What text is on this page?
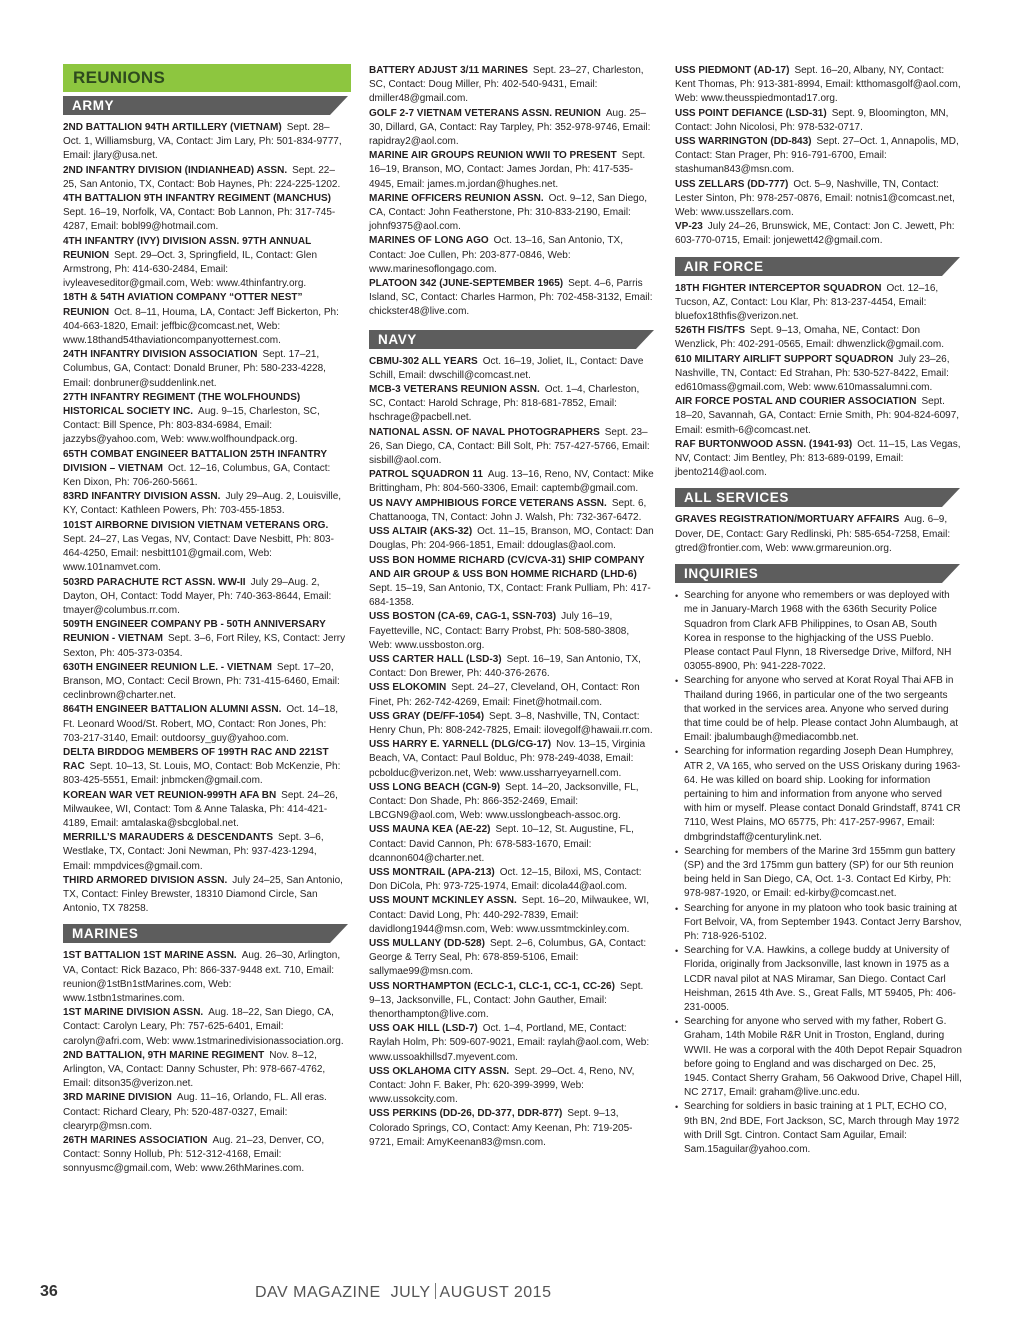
REUNIONS
ARMY

2ND BATTALION 94TH ARTILLERY (VIETNAM)  Sept. 28–Oct. 1, Williamsburg, VA, Contact: Jim Lary, Ph: 501-834-9777, Email: jlary@usa.net.

2ND INFANTRY DIVISION (INDIANHEAD) ASSN.  Sept. 22–25, San Antonio, TX, Contact: Bob Haynes, Ph: 224-225-1202.

4TH BATTALION 9TH INFANTRY REGIMENT (MANCHUS) Sept. 16–19, Norfolk, VA, Contact: Bob Lannon, Ph: 317-745-4287, Email: bobl99@hotmail.com.

4TH INFANTRY (IVY) DIVISION ASSN. 97TH ANNUAL REUNION  Sept. 29–Oct. 3, Springfield, IL, Contact: Glen Armstrong, Ph: 414-630-2484, Email: ivyleaveseditor@gmail.com, Web: www.4thinfantry.org.

18TH & 54TH AVIATION COMPANY “OTTER NEST” REUNION  Oct. 8–11, Houma, LA, Contact: Jeff Bickerton, Ph: 404-663-1820, Email: jeffbic@comcast.net, Web: www.18thand54thaviationcompanyotternest.com.

24TH INFANTRY DIVISION ASSOCIATION  Sept. 17–21, Columbus, GA, Contact: Donald Bruner, Ph: 580-233-4228, Email: donbruner@suddenlink.net.

27TH INFANTRY REGIMENT (THE WOLFHOUNDS) HISTORICAL SOCIETY INC.  Aug. 9–15, Charleston, SC, Contact: Bill Spence, Ph: 803-834-6984, Email: jazzybs@yahoo.com, Web: www.wolfhoundpack.org.

65TH COMBAT ENGINEER BATTALION 25TH INFANTRY DIVISION – VIETNAM  Oct. 12–16, Columbus, GA, Contact: Ken Dixon, Ph: 706-260-5661.

83RD INFANTRY DIVISION ASSN.  July 29–Aug. 2, Louisville, KY, Contact: Kathleen Powers, Ph: 703-455-1853.

101ST AIRBORNE DIVISION VIETNAM VETERANS ORG. Sept. 24–27, Las Vegas, NV, Contact: Dave Nesbitt, Ph: 803-464-4250, Email: nesbitt101@gmail.com, Web: www.101namvet.com.

503RD PARACHUTE RCT ASSN. WW-II  July 29–Aug. 2, Dayton, OH, Contact: Todd Mayer, Ph: 740-363-8644, Email: tmayer@columbus.rr.com.

509TH ENGINEER COMPANY PB - 50TH ANNIVERSARY REUNION - VIETNAM  Sept. 3–6, Fort Riley, KS, Contact: Jerry Sexton, Ph: 405-373-0354.

630TH ENGINEER REUNION L.E. - VIETNAM  Sept. 17–20, Branson, MO, Contact: Cecil Brown, Ph: 731-415-6460, Email: ceclinbrown@charter.net.

864TH ENGINEER BATTALION ALUMNI ASSN.  Oct. 14–18, Ft. Leonard Wood/St. Robert, MO, Contact: Ron Jones, Ph: 703-217-3140, Email: outdoorsy_guy@yahoo.com.

DELTA BIRDDOG MEMBERS OF 199TH RAC AND 221ST RAC  Sept. 10–13, St. Louis, MO, Contact: Bob McKenzie, Ph: 803-425-5551, Email: jnbmcken@gmail.com.

KOREAN WAR VET REUNION-999TH AFA BN  Sept. 24–26, Milwaukee, WI, Contact: Tom & Anne Talaska, Ph: 414-421-4189, Email: amtalaska@sbcglobal.net.

MERRILL’S MARAUDERS & DESCENDANTS  Sept. 3–6, Westlake, TX, Contact: Joni Newman, Ph: 937-423-1294, Email: mmpdvices@gmail.com.

THIRD ARMORED DIVISION ASSN.  July 24–25, San Antonio, TX, Contact: Finley Brewster, 18310 Diamond Circle, San Antonio, TX 78258.

MARINES

1ST BATTALION 1ST MARINE ASSN.  Aug. 26–30, Arlington, VA, Contact: Rick Bazaco, Ph: 866-337-9448 ext. 710, Email: reunion@1stBn1stMarines.com, Web: www.1stbn1stmarines.com.

1ST MARINE DIVISION ASSN.  Aug. 18–22, San Diego, CA, Contact: Carolyn Leary, Ph: 757-625-6401, Email: carolyn@afri.com, Web: www.1stmarinedivisionassociation.org.

2ND BATTALION, 9TH MARINE REGIMENT  Nov. 8–12, Arlington, VA, Contact: Danny Schuster, Ph: 978-667-4762, Email: ditson35@verizon.net.

3RD MARINE DIVISION  Aug. 11–16, Orlando, FL. All eras. Contact: Richard Cleary, Ph: 520-487-0327, Email: clearyrp@msn.com.

26TH MARINES ASSOCIATION  Aug. 21–23, Denver, CO, Contact: Sonny Hollub, Ph: 512-312-4168, Email: sonnyusmc@gmail.com, Web: www.26thMarines.com.

BATTERY ADJUST 3/11 MARINES  Sept. 23–27, Charleston, SC, Contact: Doug Miller, Ph: 402-540-9431, Email: dmiller48@gmail.com.

GOLF 2-7 VIETNAM VETERANS ASSN. REUNION  Aug. 25–30, Dillard, GA, Contact: Ray Tarpley, Ph: 352-978-9746, Email: rapidray2@aol.com.

MARINE AIR GROUPS REUNION WWII TO PRESENT  Sept. 16–19, Branson, MO, Contact: James Jordan, Ph: 417-535-4945, Email: james.m.jordan@hughes.net.

MARINE OFFICERS REUNION ASSN.  Oct. 9–12, San Diego, CA, Contact: John Featherstone, Ph: 310-833-2190, Email: johnf9375@aol.com.

MARINES OF LONG AGO  Oct. 13–16, San Antonio, TX, Contact: Joe Cullen, Ph: 203-877-0846, Web: www.marinesoflongago.com.

PLATOON 342 (JUNE-SEPTEMBER 1965)  Sept. 4–6, Parris Island, SC, Contact: Charles Harmon, Ph: 702-458-3132, Email: chickster48@live.com.

NAVY

CBMU-302 ALL YEARS  Oct. 16–19, Joliet, IL, Contact: Dave Schill, Email: dwschill@comcast.net.

MCB-3 VETERANS REUNION ASSN.  Oct. 1–4, Charleston, SC, Contact: Harold Schrage, Ph: 818-681-7852, Email: hschrage@pacbell.net.

NATIONAL ASSN. OF NAVAL PHOTOGRAPHERS  Sept. 23–26, San Diego, CA, Contact: Bill Solt, Ph: 757-427-5766, Email: sisbill@aol.com.

PATROL SQUADRON 11  Aug. 13–16, Reno, NV, Contact: Mike Brittingham, Ph: 804-560-3306, Email: captemb@gmail.com.

US NAVY AMPHIBIOUS FORCE VETERANS ASSN.  Sept. 6, Chattanooga, TN, Contact: John J. Walsh, Ph: 732-367-6472.

USS ALTAIR (AKS-32)  Oct. 11–15, Branson, MO, Contact: Dan Douglas, Ph: 204-966-1851, Email: ddouglas@aol.com.

USS BON HOMME RICHARD (CV/CVA-31) SHIP COMPANY AND AIR GROUP & USS BON HOMME RICHARD (LHD-6) Sept. 15–19, San Antonio, TX, Contact: Frank Pulliam, Ph: 417-684-1358.

USS BOSTON (CA-69, CAG-1, SSN-703)  July 16–19, Fayetteville, NC, Contact: Barry Probst, Ph: 508-580-3808, Web: www.ussboston.org.

USS CARTER HALL (LSD-3)  Sept. 16–19, San Antonio, TX, Contact: Don Brewer, Ph: 440-376-2676.

USS ELOKOMIN  Sept. 24–27, Cleveland, OH, Contact: Ron Finet, Ph: 262-742-4269, Email: Finet@hotmail.com.

USS GRAY (DE/FF-1054)  Sept. 3–8, Nashville, TN, Contact: Henry Chun, Ph: 808-242-7825, Email: ilovegolf@hawaii.rr.com.

USS HARRY E. YARNELL (DLG/CG-17)  Nov. 13–15, Virginia Beach, VA, Contact: Paul Bolduc, Ph: 978-249-4038, Email: pcbolduc@verizon.net, Web: www.ussharryeyarnell.com.

USS LONG BEACH (CGN-9)  Sept. 14–20, Jacksonville, FL, Contact: Don Shade, Ph: 866-352-2469, Email: LBCGN9@aol.com, Web: www.usslongbeach-assoc.org.

USS MAUNA KEA (AE-22)  Sept. 10–12, St. Augustine, FL, Contact: David Cannon, Ph: 678-583-1670, Email: dcannon604@charter.net.

USS MONTRAIL (APA-213)  Oct. 12–15, Biloxi, MS, Contact: Don DiCola, Ph: 973-725-1974, Email: dicola44@aol.com.

USS MOUNT MCKINLEY ASSN.  Sept. 16–20, Milwaukee, WI, Contact: David Long, Ph: 440-292-7839, Email: davidlong1944@msn.com, Web: www.ussmtmckinley.com.

USS MULLANY (DD-528)  Sept. 2–6, Columbus, GA, Contact: George & Terry Seal, Ph: 678-859-5106, Email: sallymae99@msn.com.

USS NORTHAMPTON (ECLC-1, CLC-1, CC-1, CC-26)  Sept. 9–13, Jacksonville, FL, Contact: John Gauther, Email: thenorthampton@live.com.

USS OAK HILL (LSD-7)  Oct. 1–4, Portland, ME, Contact: Raylah Holm, Ph: 509-607-9021, Email: raylah@aol.com, Web: www.ussoakhillsd7.myevent.com.

USS OKLAHOMA CITY ASSN.  Sept. 29–Oct. 4, Reno, NV, Contact: John F. Baker, Ph: 620-399-3999, Web: www.ussokcity.com.

USS PERKINS (DD-26, DD-377, DDR-877)  Sept. 9–13, Colorado Springs, CO, Contact: Amy Keenan, Ph: 719-205-9721, Email: AmyKeenan83@msn.com.

USS PIEDMONT (AD-17)  Sept. 16–20, Albany, NY, Contact: Kent Thomas, Ph: 913-381-8994, Email: ktthomasgolf@aol.com, Web: www.theusspiedmontad17.org.

USS POINT DEFIANCE (LSD-31)  Sept. 9, Bloomington, MN, Contact: John Nicolosi, Ph: 978-532-0717.

USS WARRINGTON (DD-843)  Sept. 27–Oct. 1, Annapolis, MD, Contact: Stan Prager, Ph: 916-791-6700, Email: stashuman843@msn.com.

USS ZELLARS (DD-777)  Oct. 5–9, Nashville, TN, Contact: Lester Sinton, Ph: 978-257-0876, Email: notnis1@comcast.net, Web: www.usszellars.com.

VP-23  July 24–26, Brunswick, ME, Contact: Jon C. Jewett, Ph: 603-770-0715, Email: jonjewett42@gmail.com.

AIR FORCE

18TH FIGHTER INTERCEPTOR SQUADRON  Oct. 12–16, Tucson, AZ, Contact: Lou Klar, Ph: 813-237-4454, Email: bluefox18thfis@verizon.net.

526TH FIS/TFS  Sept. 9–13, Omaha, NE, Contact: Don Wenzlick, Ph: 402-291-0565, Email: dhwenzlick@gmail.com.

610 MILITARY AIRLIFT SUPPORT SQUADRON  July 23–26, Nashville, TN, Contact: Ed Strahan, Ph: 530-527-8422, Email: ed610mass@gmail.com, Web: www.610massalumni.com.

AIR FORCE POSTAL AND COURIER ASSOCIATION  Sept. 18–20, Savannah, GA, Contact: Ernie Smith, Ph: 904-824-6097, Email: esmith-6@comcast.net.

RAF BURTONWOOD ASSN. (1941-93)  Oct. 11–15, Las Vegas, NV, Contact: Jim Bentley, Ph: 813-689-0199, Email: jbento214@aol.com.

ALL SERVICES

GRAVES REGISTRATION/MORTUARY AFFAIRS  Aug. 6–9, Dover, DE, Contact: Gary Redlinski, Ph: 585-654-7258, Email: gtred@frontier.com, Web: www.grmareunion.org.

INQUIRIES
• Searching for anyone who remembers or was deployed with me in January-March 1968 with the 636th Security Police Squadron from Clark AFB Philippines, to Osan AB, South Korea in response to the highjacking of the USS Pueblo. Please contact Paul Flynn, 18 Riversedge Drive, Milford, NH 03055-8900, Ph: 941-228-7022.
• Searching for anyone who served at Korat Royal Thai AFB in Thailand during 1966, in particular one of the two sergeants that worked in the services area. Anyone who served during that time could be of help. Please contact John Alumbaugh, at Email: jbalumbaugh@mediacombb.net.
• Searching for information regarding Joseph Dean Humphrey, ATR 2, VA 165, who served on the USS Oriskany during 1963-64. He was killed on board ship. Looking for information pertaining to him and information from anyone who served with him or myself. Please contact Donald Grindstaff, 8741 CR 7110, West Plains, MO 65775, Ph: 417-257-9967, Email: dmbgrindstaff@centurylink.net.
• Searching for members of the Marine 3rd 155mm gun battery (SP) and the 3rd 175mm gun battery (SP) for our 5th reunion being held in San Diego, CA, Oct. 1-3. Contact Ed Kirby, Ph: 978-987-1920, or Email: ed-kirby@comcast.net.
• Searching for anyone in my platoon who took basic training at Fort Belvoir, VA, from September 1943. Contact Jerry Barshov, Ph: 718-926-5102.
• Searching for V.A. Hawkins, a college buddy at University of Florida, originally from Jacksonville, last known in 1975 as a LCDR naval pilot at NAS Miramar, San Diego. Contact Carl Heishman, 2615 4th Ave. S., Great Falls, MT 59405, Ph: 406-231-0005.
• Searching for anyone who served with my father, Robert G. Graham, 14th Mobile R&R Unit in Troston, England, during WWII. He was a corporal with the 40th Depot Repair Squadron before going to England and was discharged on Dec. 25, 1945. Contact Sherry Graham, 56 Oakwood Drive, Chapel Hill, NC 2717, Email: graham@live.unc.edu.
• Searching for soldiers in basic training at 1 PLT, ECHO CO, 9th BN, 2nd BDE, Fort Jackson, SC, March through May 1972 with Drill Sgt. Cintron. Contact Sam Aguilar, Email: Sam.15aguilar@yahoo.com.
36	DAV MAGAZINE JULY AUGUST 2015
